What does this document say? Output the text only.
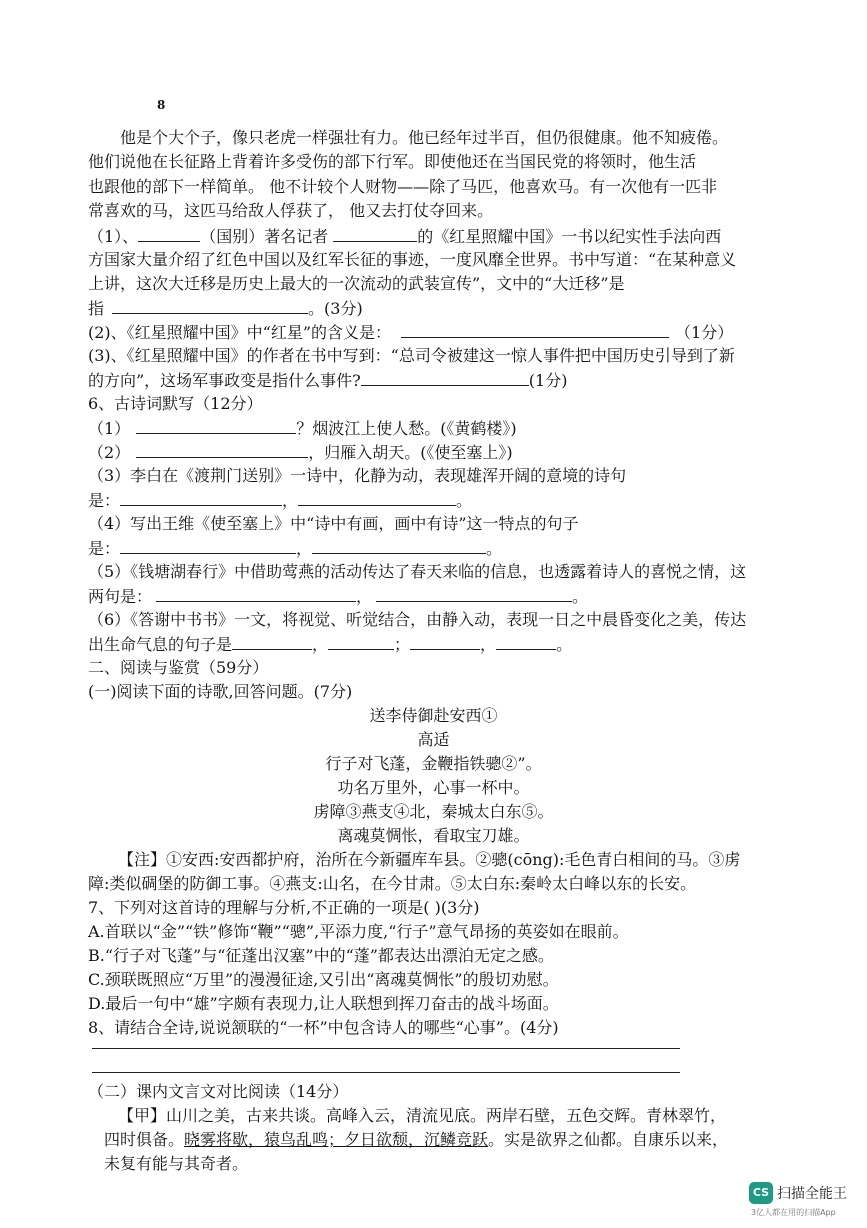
8
他是个大个子，像只老虎一样强壮有力。他已经年过半百，但仍很健康。他不知疲倦。
他们说他在长征路上背着许多受伤的部下行军。即使他还在当国民党的将领时，他生活
也跟他的部下一样简单。 他不计较个人财物——除了马匹，他喜欢马。有一次他有一匹非
常喜欢的马，这匹马给敌人俘获了， 他又去打仗夺回来。
（1）、	（国别）著名记者	的《红星照耀中国》一书以纪实性手法向西
方国家大量介绍了红色中国以及红军长征的事迹，一度风靡全世界。书中写道：“在某种意义
上讲，这次大迁移是历史上最大的一次流动的武装宣传”，文中的“大迁移”是
指	。(3分)
(2)、《红星照耀中国》中“红星”的含义是：	（1分）
(3)、《红星照耀中国》的作者在书中写到：“总司令被建这一惊人事件把中国历史引导到了新
的方向”，这场军事政变是指什么事件?	(1分)
6、古诗词默写（12分）
（1）	？烟波江上使人愁。(《黄鹤楼》)
（2）	，归雁入胡天。(《使至塞上》)
（3）李白在《渡荆门送别》一诗中，化静为动，表现雄浑开阔的意境的诗句
是：	，	。
（4）写出王维《使至塞上》中“诗中有画，画中有诗”这一特点的句子
是：	，	。
（5）《钱塘湖春行》中借助莺燕的活动传达了春天来临的信息，也透露着诗人的喜悦之情，这
两句是：	，	。
（6）《答谢中书书》一文，将视觉、听觉结合，由静入动，表现一日之中晨昏变化之美，传达
出生命气息的句子是	，	；	，	。
二、阅读与鉴赏（59分）
(一)阅读下面的诗歌,回答问题。(7分)
送李侍御赴安西①
高适
行子对飞蓬，金鞭指铁骢②”。
功名万里外，心事一杯中。
虏障③燕支④北，秦城太白东⑤。
离魂莫惆怅，看取宝刀雄。
【注】①安西:安西都护府，治所在今新疆库车县。②骢(cōng):毛色青白相间的马。③虏
障:类似碉堡的防御工事。④燕支:山名，在今甘肃。⑤太白东:秦岭太白峰以东的长安。
7、下列对这首诗的理解与分析,不正确的一项是( )(3分)
A.首联以“金”“铁”修饰“鞭”“骢”,平添力度,“行子”意气昂扬的英姿如在眼前。
B.“行子对飞蓬”与“征蓬出汉塞”中的“蓬”都表达出漂泊无定之感。
C.颈联既照应“万里”的漫漫征途,又引出“离魂莫惆怅”的殷切劝慰。
D.最后一句中“雄”字颇有表现力,让人联想到挥刀奋击的战斗场面。
8、请结合全诗,说说颔联的“一杯”中包含诗人的哪些“心事”。(4分)
（二）课内文言文对比阅读（14分）
【甲】山川之美，古来共谈。高峰入云，清流见底。两岸石壁，五色交辉。青林翠竹，
四时俱备。晓雾将歇，猿鸟乱鸣；夕日欲颓，沉鳞竞跃。实是欲界之仙都。自康乐以来，
未复有能与其奇者。
CS 扫描全能王
3亿人都在用的扫描App
